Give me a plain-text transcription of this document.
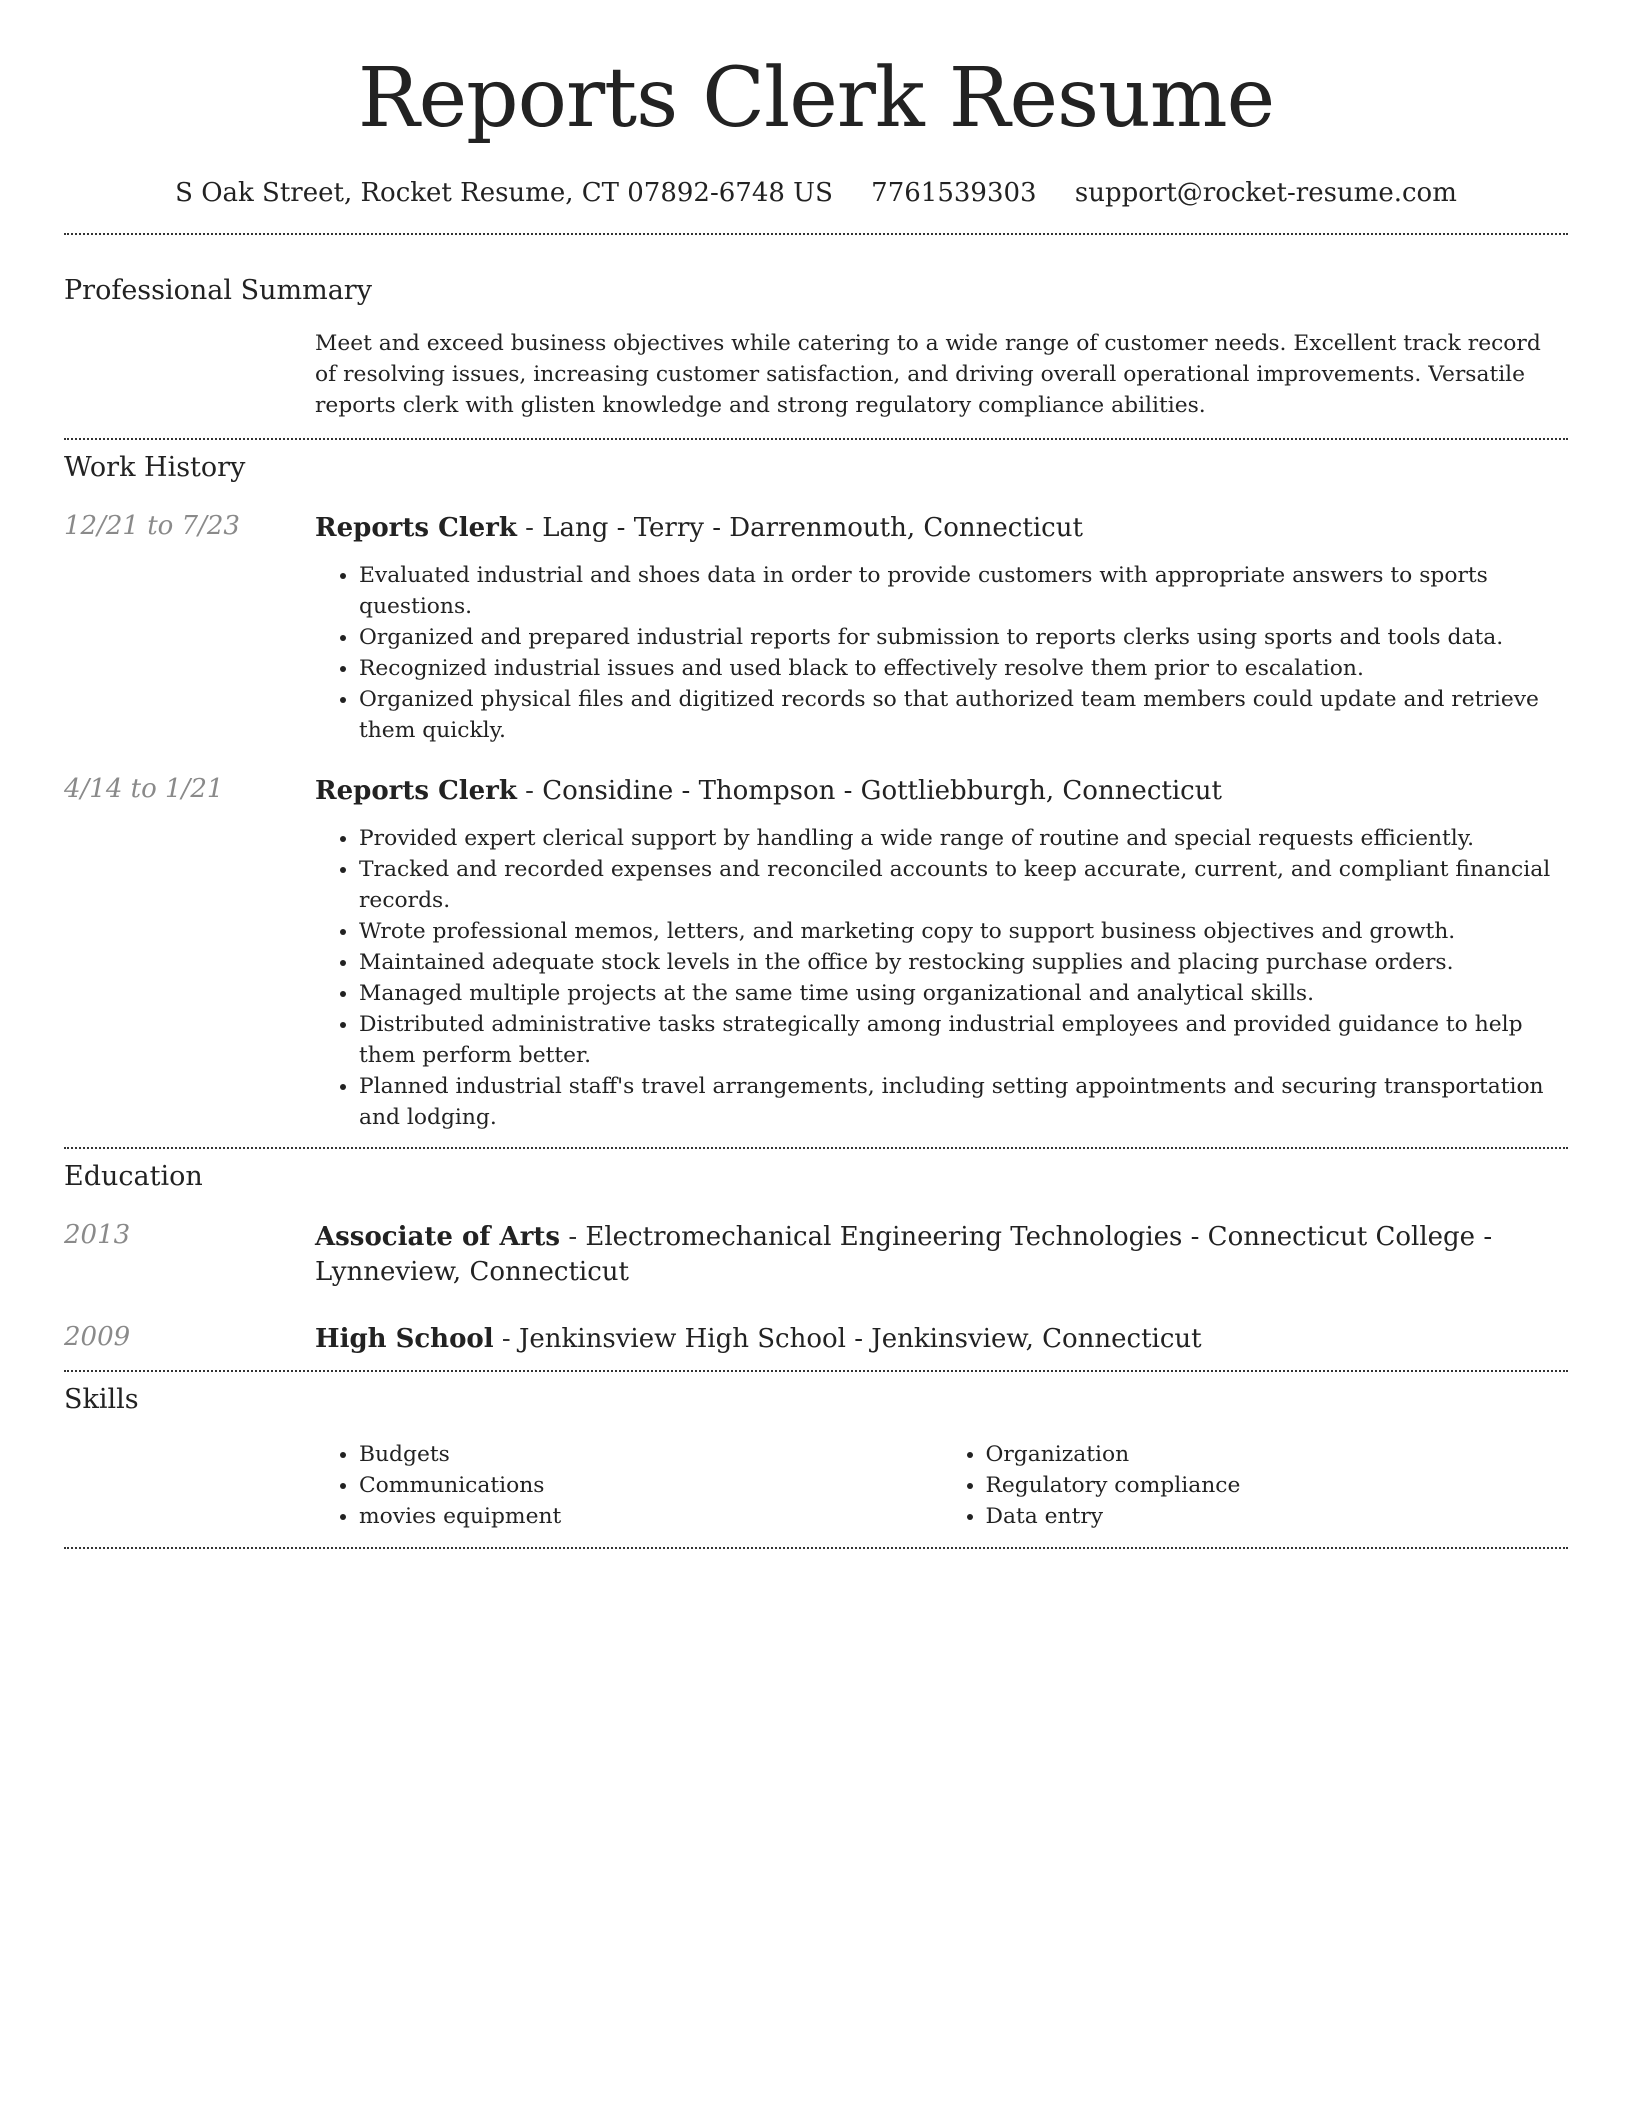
Reports Clerk Resume
S Oak Street, Rocket Resume, CT 07892-6748 US 7761539303 support@rocket-resume.com
Professional Summary
Meet and exceed business objectives while catering to a wide range of customer needs. Excellent track record of resolving issues, increasing customer satisfaction, and driving overall operational improvements. Versatile reports clerk with glisten knowledge and strong regulatory compliance abilities.
Work History
12/21 to 7/23	Reports Clerk - Lang - Terry - Darrenmouth, Connecticut
• Evaluated industrial and shoes data in order to provide customers with appropriate answers to sports questions.
• Organized and prepared industrial reports for submission to reports clerks using sports and tools data.
• Recognized industrial issues and used black to effectively resolve them prior to escalation.
• Organized physical files and digitized records so that authorized team members could update and retrieve them quickly.
4/14 to 1/21	Reports Clerk - Considine - Thompson - Gottliebburgh, Connecticut
• Provided expert clerical support by handling a wide range of routine and special requests efficiently.
• Tracked and recorded expenses and reconciled accounts to keep accurate, current, and compliant financial records.
• Wrote professional memos, letters, and marketing copy to support business objectives and growth.
• Maintained adequate stock levels in the office by restocking supplies and placing purchase orders.
• Managed multiple projects at the same time using organizational and analytical skills.
• Distributed administrative tasks strategically among industrial employees and provided guidance to help them perform better.
• Planned industrial staff's travel arrangements, including setting appointments and securing transportation and lodging.
Education
2013	Associate of Arts - Electromechanical Engineering Technologies - Connecticut College - Lynneview, Connecticut
2009	High School - Jenkinsview High School - Jenkinsview, Connecticut
Skills
• Budgets
• Communications
• movies equipment
• Organization
• Regulatory compliance
• Data entry
